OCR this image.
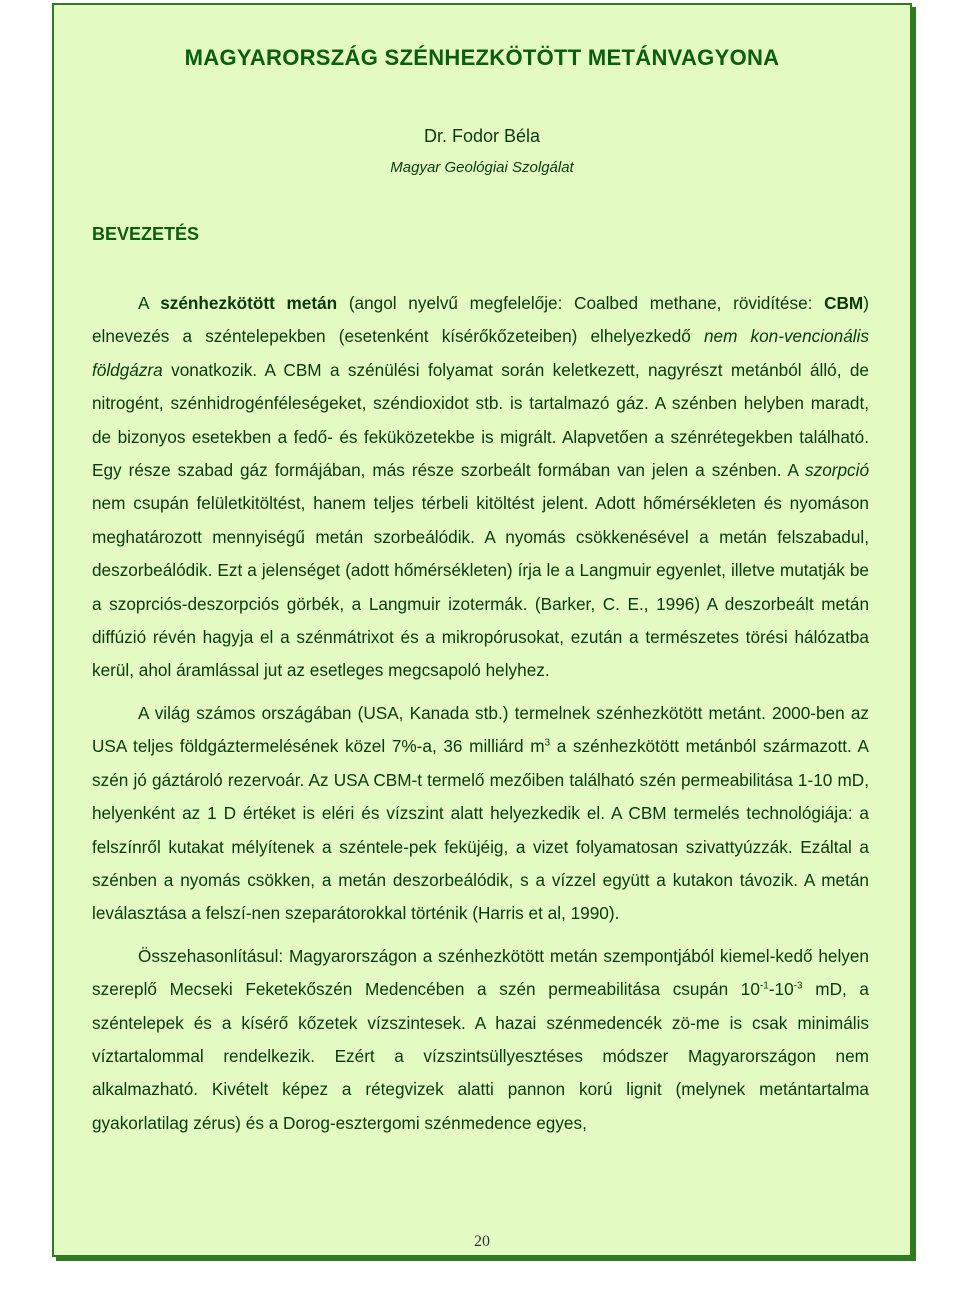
MAGYARORSZÁG SZÉNHEZKÖTÖTT METÁNVAGYONA
Dr. Fodor Béla
Magyar Geológiai Szolgálat
BEVEZETÉS

A szénhezkötött metán (angol nyelvű megfelelője: Coalbed methane, rövidítése: CBM) elnevezés a széntelepekben (esetenként kísérőkőzeteiben) elhelyezkedő nem kon-vencionális földgázra vonatkozik. A CBM a szénülési folyamat során keletkezett, nagyrészt metánból álló, de nitrogént, szénhidrogénféleségeket, széndioxidot stb. is tartalmazó gáz. A szénben helyben maradt, de bizonyos esetekben a fedő- és feküközetekbe is migrált. Alapvetően a szénrétegekben található. Egy része szabad gáz formájában, más része szorbeált formában van jelen a szénben. A szorpció nem csupán felületkitöltést, hanem teljes térbeli kitöltést jelent. Adott hőmérsékleten és nyomáson meghatározott mennyiségű metán szorbeálódik. A nyomás csökkenésével a metán felszabadul, deszorbeálódik. Ezt a jelenséget (adott hőmérsékleten) írja le a Langmuir egyenlet, illetve mutatják be a szoprciós-deszorpciós görbék, a Langmuir izotermák. (Barker, C. E., 1996) A deszorbeált metán diffúzió révén hagyja el a szénmátrixot és a mikropórusokat, ezután a természetes törési hálózatba kerül, ahol áramlással jut az esetleges megcsapoló helyhez.

A világ számos országában (USA, Kanada stb.) termelnek szénhezkötött metánt. 2000-ben az USA teljes földgáztermelésének közel 7%-a, 36 milliárd $m^3$ a szénhezkötött metánból származott. A szén jó gáztároló rezervoár. Az USA CBM-t termelő mezőiben található szén permeabilitása 1-10 mD, helyenként az 1 D értéket is eléri és vízszint alatt helyezkedik el. A CBM termelés technológiája: a felszínről kutakat mélyítenek a széntele-pek feküjéig, a vizet folyamatosan szivattyúzzák. Ezáltal a szénben a nyomás csökken, a metán deszorbeálódik, s a vízzel együtt a kutakon távozik. A metán leválasztása a felszí-nen szeparátorokkal történik (Harris et al, 1990).

Összehasonlításul: Magyarországon a szénhezkötött metán szempontjából kiemel-kedő helyen szereplő Mecseki Feketekőszén Medencében a szén permeabilitása csupán $10^{-1}-10^{-3}$ mD, a széntelepek és a kísérő kőzetek vízszintesek. A hazai szénmedencék zö-me is csak minimális víztartalommal rendelkezik. Ezért a vízszintsüllyesztéses módszer Magyarországon nem alkalmazható. Kivételt képez a rétegvizek alatti pannon korú lignit (melynek metántartalma gyakorlatilag zérus) és a Dorog-esztergomi szénmedence egyes,

20
